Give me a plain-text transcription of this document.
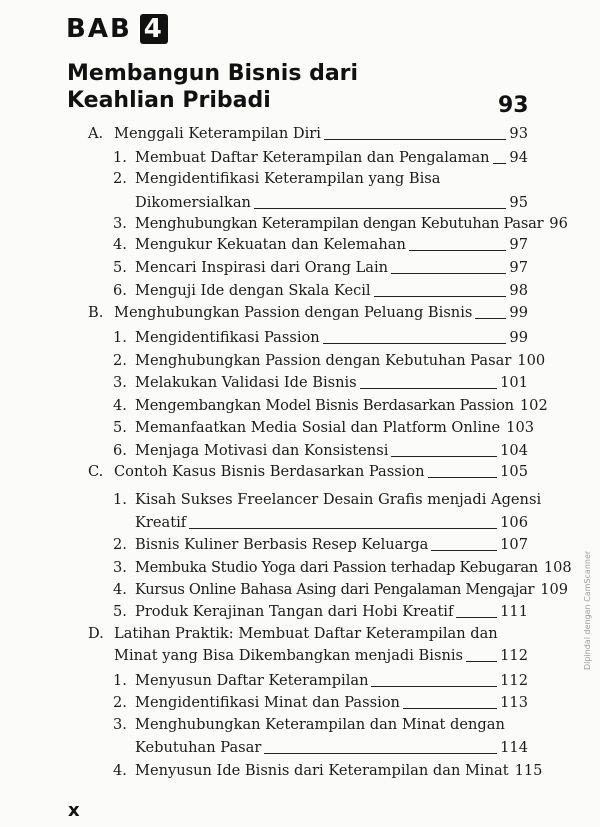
BAB 4
Membangun Bisnis dari
Keahlian Pribadi	93
A. Menggali Keterampilan Diri	93
1. Membuat Daftar Keterampilan dan Pengalaman 94
2. Mengidentifikasi Keterampilan yang Bisa
Dikomersialkan	95
3. Menghubungkan Keterampilan dengan Kebutuhan Pasar 96
4. Mengukur Kekuatan dan Kelemahan	97
5. Mencari Inspirasi dari Orang Lain	97
6. Menguji Ide dengan Skala Kecil	98
B. Menghubungkan Passion dengan Peluang Bisnis	99
1. Mengidentifikasi Passion	99
2. Menghubungkan Passion dengan Kebutuhan Pasar 100
3. Melakukan Validasi Ide Bisnis	101
4. Mengembangkan Model Bisnis Berdasarkan Passion 102
5. Memanfaatkan Media Sosial dan Platform Online 103
6. Menjaga Motivasi dan Konsistensi	104
C. Contoh Kasus Bisnis Berdasarkan Passion	105
1. Kisah Sukses Freelancer Desain Grafis menjadi Agensi
Kreatif	106
2. Bisnis Kuliner Berbasis Resep Keluarga	107
3. Membuka Studio Yoga dari Passion terhadap Kebugaran 108
4. Kursus Online Bahasa Asing dari Pengalaman Mengajar 109
5. Produk Kerajinan Tangan dari Hobi Kreatif	111
D. Latihan Praktik: Membuat Daftar Keterampilan dan
Minat yang Bisa Dikembangkan menjadi Bisnis	112
1. Menyusun Daftar Keterampilan	112
2. Mengidentifikasi Minat dan Passion	113
3. Menghubungkan Keterampilan dan Minat dengan
Kebutuhan Pasar	114
4. Menyusun Ide Bisnis dari Keterampilan dan Minat 115
x
Dipindai dengan CamScanner
